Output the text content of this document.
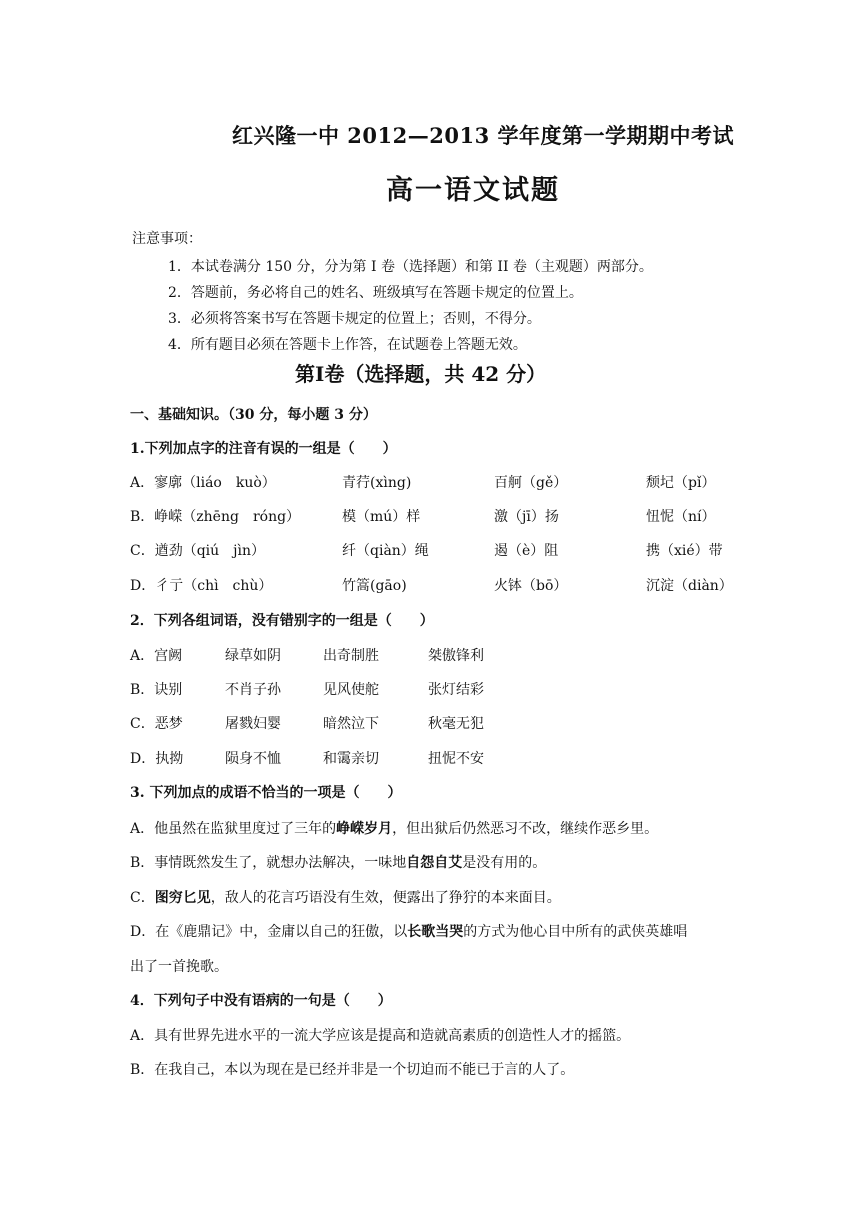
红兴隆一中 2012—2013 学年度第一学期期中考试
高一语文试题
注意事项：
1．本试卷满分 150 分，分为第 I 卷（选择题）和第 II 卷（主观题）两部分。
2．答题前，务必将自己的姓名、班级填写在答题卡规定的位置上。
3．必须将答案书写在答题卡规定的位置上；否则，不得分。
4．所有题目必须在答题卡上作答，在试题卷上答题无效。
第Ⅰ卷（选择题，共 42 分）
一、基础知识。（30 分，每小题 3 分）
1.下列加点字的注音有误的一组是（　　）
A．寥廓（liáo　kuò）	青荇(xìng)	百舸（gě）	颓圮（pǐ）
B．峥嵘（zhēng　róng）	模（mú）样	激（jī）扬	忸怩（ní）
C．遒劲（qiú　jìn）	纤（qiàn）绳	遏（è）阻	携（xié）带
D．彳亍（chì　chù）	竹篙(gāo)	火钵（bō）	沉淀（diàn）
2．下列各组词语，没有错别字的一组是（　　）
A．宫阙	绿草如阴	出奇制胜	桀傲锋利
B．诀别	不肖子孙	见风使舵	张灯结彩
C．恶梦	屠戮妇婴	暗然泣下	秋毫无犯
D．执拗	陨身不恤	和霭亲切	扭怩不安
3. 下列加点的成语不恰当的一项是（　　）
A．他虽然在监狱里度过了三年的峥嵘岁月，但出狱后仍然恶习不改，继续作恶乡里。
B．事情既然发生了，就想办法解决，一味地自怨自艾是没有用的。
C．图穷匕见，敌人的花言巧语没有生效，便露出了狰狞的本来面目。
D．在《鹿鼎记》中，金庸以自己的狂傲，以长歌当哭的方式为他心目中所有的武侠英雄唱
出了一首挽歌。
4．下列句子中没有语病的一句是（　　）
A．具有世界先进水平的一流大学应该是提高和造就高素质的创造性人才的摇篮。
B．在我自己，本以为现在是已经并非是一个切迫而不能已于言的人了。
